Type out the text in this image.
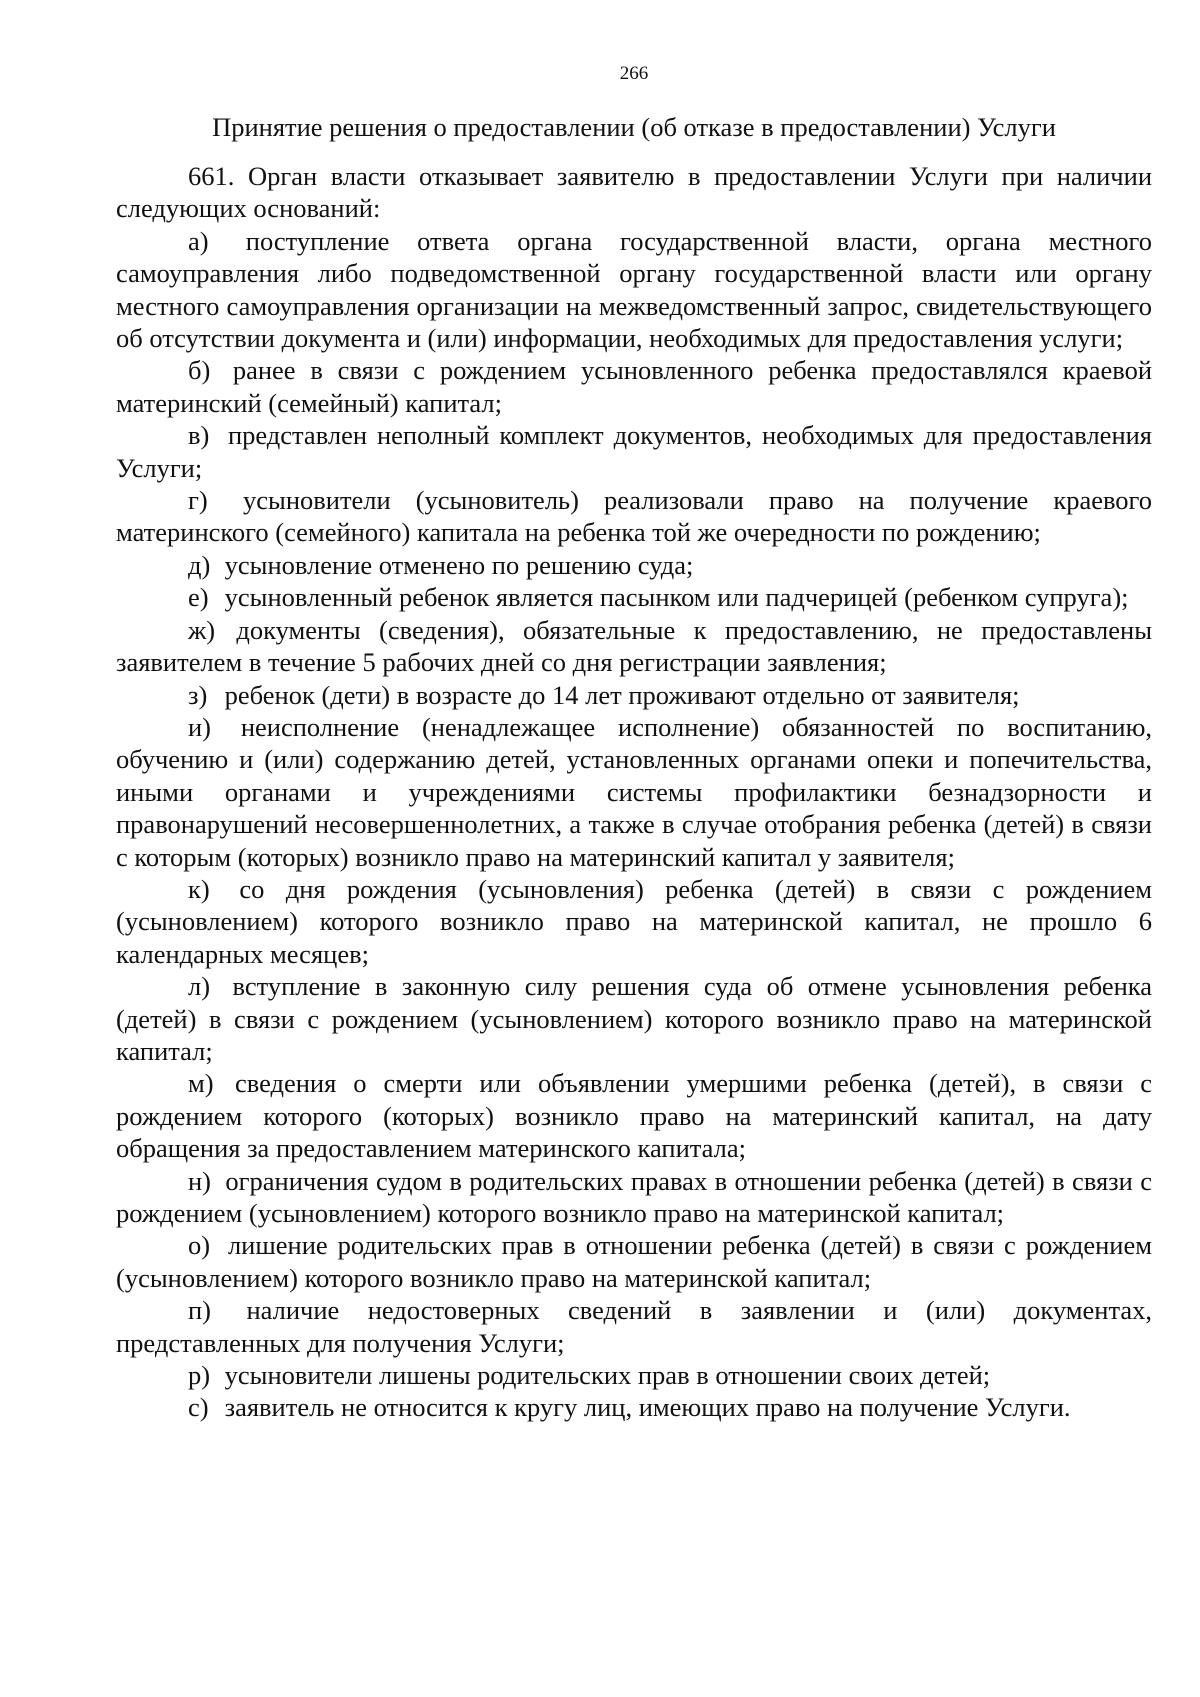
266
Принятие решения о предоставлении (об отказе в предоставлении) Услуги

661. Орган власти отказывает заявителю в предоставлении Услуги при наличии следующих оснований:

а) поступление ответа органа государственной власти, органа местного самоуправления либо подведомственной органу государственной власти или органу местного самоуправления организации на межведомственный запрос, свидетельствующего об отсутствии документа и (или) информации, необходимых для предоставления услуги;

б) ранее в связи с рождением усыновленного ребенка предоставлялся краевой материнский (семейный) капитал;

в) представлен неполный комплект документов, необходимых для предоставления Услуги;

г) усыновители (усыновитель) реализовали право на получение краевого материнского (семейного) капитала на ребенка той же очередности по рождению;

д) усыновление отменено по решению суда;

е) усыновленный ребенок является пасынком или падчерицей (ребенком супруга);

ж) документы (сведения), обязательные к предоставлению, не предоставлены заявителем в течение 5 рабочих дней со дня регистрации заявления;

з) ребенок (дети) в возрасте до 14 лет проживают отдельно от заявителя;

и) неисполнение (ненадлежащее исполнение) обязанностей по воспитанию, обучению и (или) содержанию детей, установленных органами опеки и попечительства, иными органами и учреждениями системы профилактики безнадзорности и правонарушений несовершеннолетних, а также в случае отобрания ребенка (детей) в связи с которым (которых) возникло право на материнский капитал у заявителя;

к) со дня рождения (усыновления) ребенка (детей) в связи с рождением (усыновлением) которого возникло право на материнской капитал, не прошло 6 календарных месяцев;

л) вступление в законную силу решения суда об отмене усыновления ребенка (детей) в связи с рождением (усыновлением) которого возникло право на материнской капитал;

м) сведения о смерти или объявлении умершими ребенка (детей), в связи с рождением которого (которых) возникло право на материнский капитал, на дату обращения за предоставлением материнского капитала;

н) ограничения судом в родительских правах в отношении ребенка (детей) в связи с рождением (усыновлением) которого возникло право на материнской капитал;

о) лишение родительских прав в отношении ребенка (детей) в связи с рождением (усыновлением) которого возникло право на материнской капитал;

п) наличие недостоверных сведений в заявлении и (или) документах, представленных для получения Услуги;

р) усыновители лишены родительских прав в отношении своих детей;

с) заявитель не относится к кругу лиц, имеющих право на получение Услуги.
